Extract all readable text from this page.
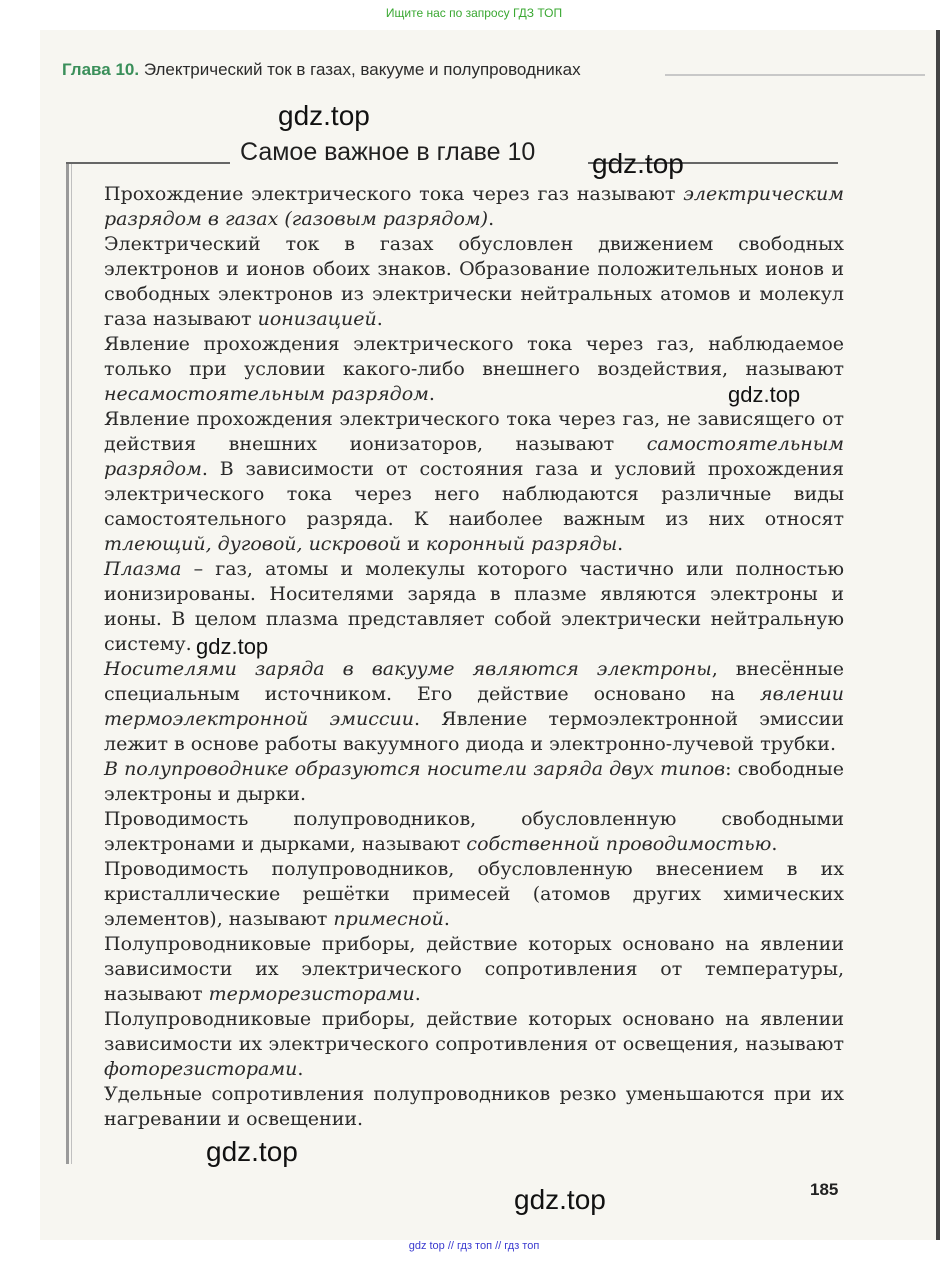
Ищите нас по запросу ГДЗ ТОП
Глава 10. Электрический ток в газах, вакууме и полупроводниках
Самое важное в главе 10

Прохождение электрического тока через газ называют электрическим разрядом в газах (газовым разрядом).

Электрический ток в газах обусловлен движением свободных электронов и ионов обоих знаков. Образование положительных ионов и свободных электронов из электрически нейтральных атомов и молекул газа называют ионизацией.

Явление прохождения электрического тока через газ, наблюдаемое только при условии какого-либо внешнего воздействия, называют несамостоятельным разрядом.

Явление прохождения электрического тока через газ, не зависящего от действия внешних ионизаторов, называют самостоятельным разрядом. В зависимости от состояния газа и условий прохождения электрического тока через него наблюдаются различные виды самостоятельного разряда. К наиболее важным из них относят тлеющий, дуговой, искровой и коронный разряды.

Плазма – газ, атомы и молекулы которого частично или полностью ионизированы. Носителями заряда в плазме являются электроны и ионы. В целом плазма представляет собой электрически нейтральную систему.

Носителями заряда в вакууме являются электроны, внесённые специальным источником. Его действие основано на явлении термоэлектронной эмиссии. Явление термоэлектронной эмиссии лежит в основе работы вакуумного диода и электронно-лучевой трубки.

В полупроводнике образуются носители заряда двух типов: свободные электроны и дырки.

Проводимость полупроводников, обусловленную свободными электронами и дырками, называют собственной проводимостью.

Проводимость полупроводников, обусловленную внесением в их кристаллические решётки примесей (атомов других химических элементов), называют примесной.

Полупроводниковые приборы, действие которых основано на явлении зависимости их электрического сопротивления от температуры, называют терморезисторами.

Полупроводниковые приборы, действие которых основано на явлении зависимости их электрического сопротивления от освещения, называют фоторезисторами.

Удельные сопротивления полупроводников резко уменьшаются при их нагревании и освещении.

185
gdz.top
gdz.top
gdz.top
gdz.top
gdz.top
gdz.top
gdz top // гдз топ // гдз топ
